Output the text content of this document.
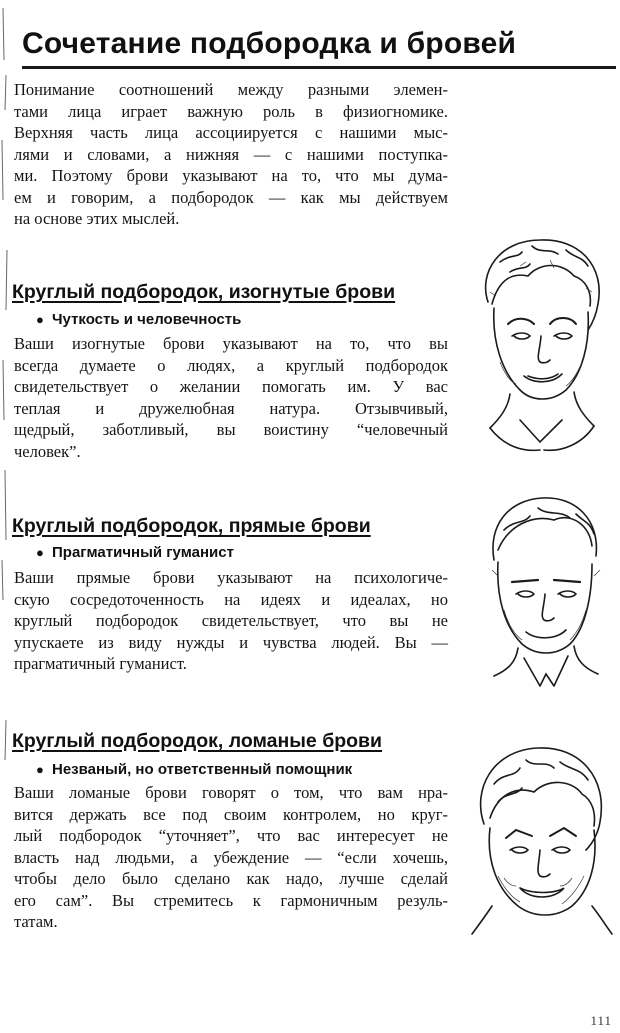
Сочетание подбородка и бровей
Понимание соотношений между разными элемен-
тами лица играет важную роль в физиогномике.
Верхняя часть лица ассоциируется с нашими мыс-
лями и словами, а нижняя — с нашими поступка-
ми. Поэтому брови указывают на то, что мы дума-
ем и говорим, а подбородок — как мы действуем
на основе этих мыслей.
Круглый подбородок, изогнутые брови
● Чуткость и человечность
Ваши изогнутые брови указывают на то, что вы
всегда думаете о людях, а круглый подбородок
свидетельствует о желании помогать им. У вас
теплая и дружелюбная натура. Отзывчивый,
щедрый, заботливый, вы воистину “человечный
человек”.
Круглый подбородок, прямые брови
● Прагматичный гуманист
Ваши прямые брови указывают на психологиче-
скую сосредоточенность на идеях и идеалах, но
круглый подбородок свидетельствует, что вы не
упускаете из виду нужды и чувства людей. Вы —
прагматичный гуманист.
Круглый подбородок, ломаные брови
● Незваный, но ответственный помощник
Ваши ломаные брови говорят о том, что вам нра-
вится держать все под своим контролем, но круг-
лый подбородок “уточняет”, что вас интересует не
власть над людьми, а убеждение — “если хочешь,
чтобы дело было сделано как надо, лучше сделай
его сам”. Вы стремитесь к гармоничным резуль-
татам.
111
